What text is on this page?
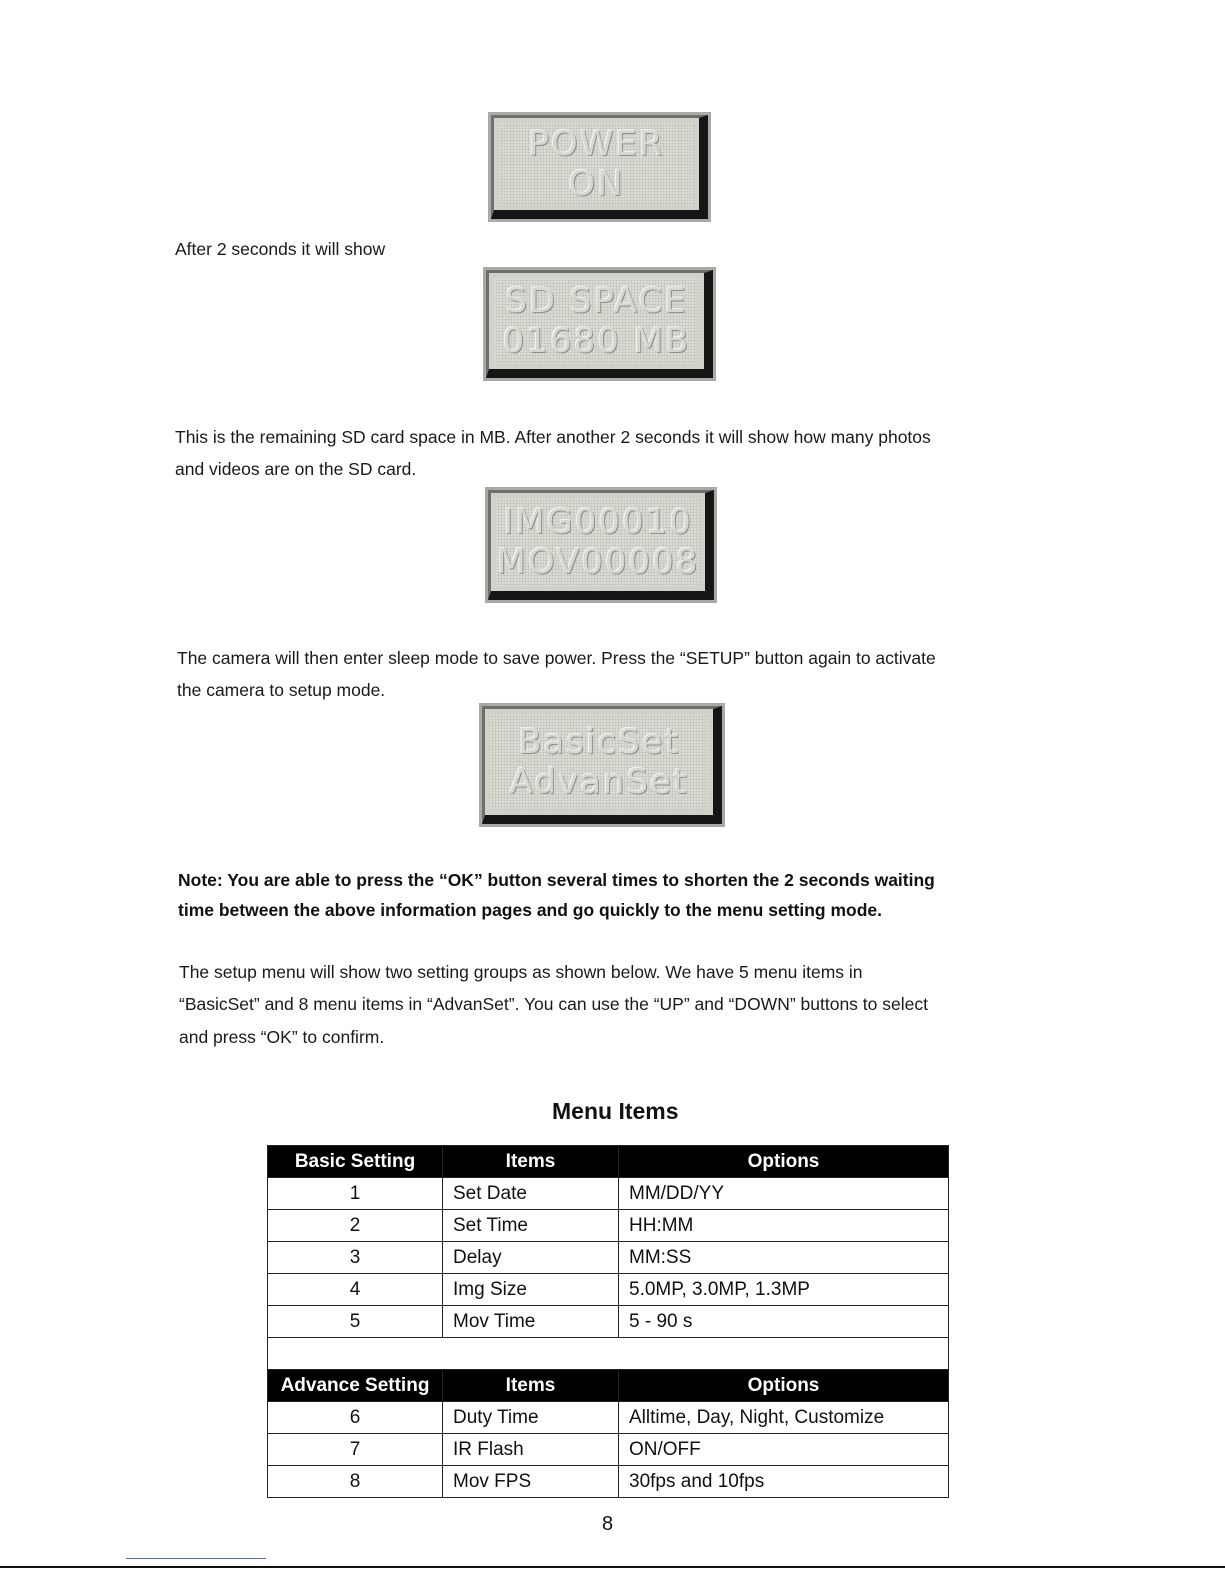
POWER
ON
After 2 seconds it will show
SD SPACE
01680 MB
This is the remaining SD card space in MB. After another 2 seconds it will show how many photos
and videos are on the SD card.
IMG00010
MOV00008
The camera will then enter sleep mode to save power. Press the “SETUP” button again to activate
the camera to setup mode.
BasicSet
AdvanSet
Note: You are able to press the “OK” button several times to shorten the 2 seconds waiting
time between the above information pages and go quickly to the menu setting mode.
The setup menu will show two setting groups as shown below. We have 5 menu items in
“BasicSet” and 8 menu items in “AdvanSet”. You can use the “UP” and “DOWN” buttons to select
and press “OK” to confirm.
Menu Items
Basic Setting	Items	Options
1	Set Date	MM/DD/YY
2	Set Time	HH:MM
3	Delay	MM:SS
4	Img Size	5.0MP, 3.0MP, 1.3MP
5	Mov Time	5 - 90 s

Advance Setting	Items	Options
6	Duty Time	Alltime, Day, Night, Customize
7	IR Flash	ON/OFF
8	Mov FPS	30fps and 10fps
8
